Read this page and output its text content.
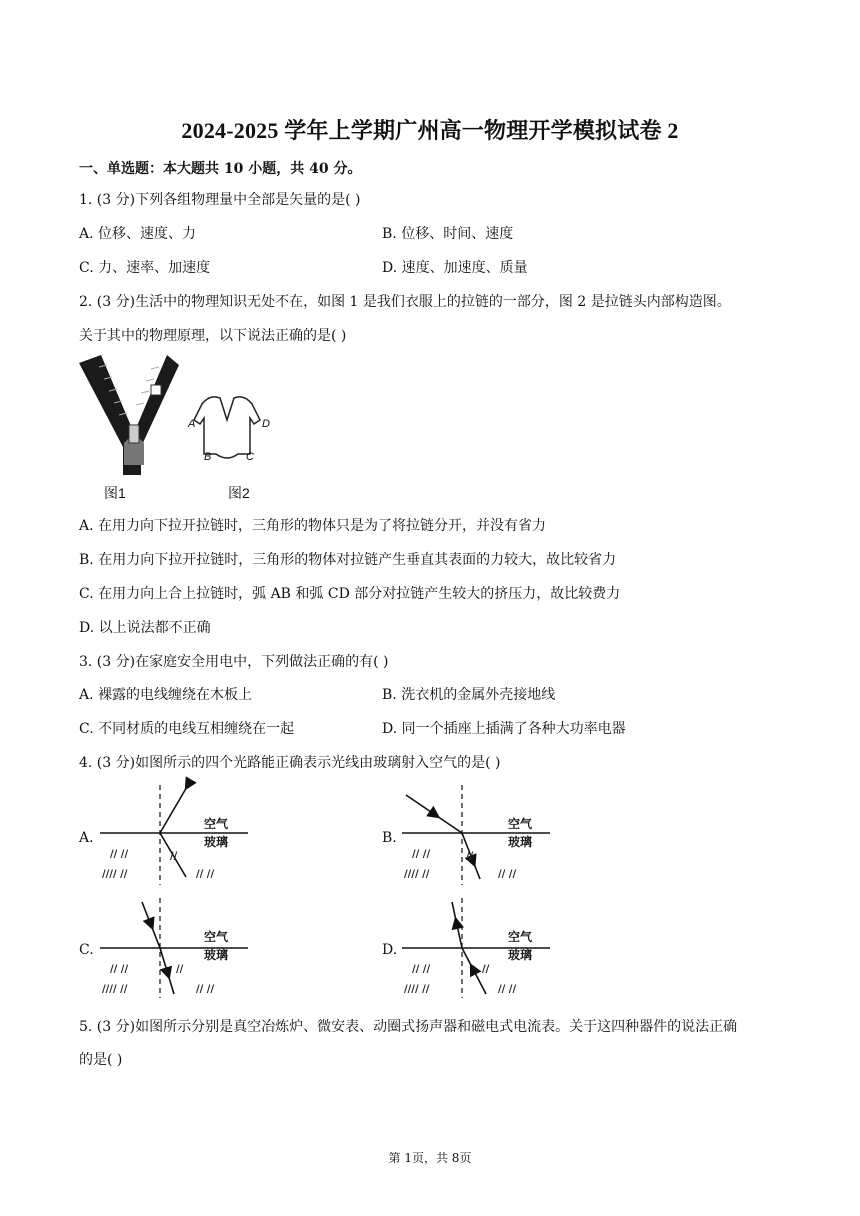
2024-2025 学年上学期广州高一物理开学模拟试卷 2
一、单选题：本大题共 10 小题，共 40 分。
1. (3 分)下列各组物理量中全部是矢量的是( )
A. 位移、速度、力	B. 位移、时间、速度
C. 力、速率、加速度	D. 速度、加速度、质量
2. (3 分)生活中的物理知识无处不在，如图 1 是我们衣服上的拉链的一部分，图 2 是拉链头内部构造图。
关于其中的物理原理，以下说法正确的是( )
图1
A	D
B	C
图2
A. 在用力向下拉开拉链时，三角形的物体只是为了将拉链分开，并没有省力
B. 在用力向下拉开拉链时，三角形的物体对拉链产生垂直其表面的力较大，故比较省力
C. 在用力向上合上拉链时，弧 AB 和弧 CD 部分对拉链产生较大的挤压力，故比较费力
D. 以上说法都不正确
3. (3 分)在家庭安全用电中，下列做法正确的有( )
A. 裸露的电线缠绕在木板上	B. 洗衣机的金属外壳接地线
C. 不同材质的电线互相缠绕在一起	D. 同一个插座上插满了各种大功率电器
4. (3 分)如图所示的四个光路能正确表示光线由玻璃射入空气的是( )
A.	B.
C.	D.
// //	//
//// //	// //
空气
玻璃
// //	//
//// //	// //
空气
玻璃
// //	//
//// //	// //
空气
玻璃
// //	//
//// //	// //
空气
玻璃
5. (3 分)如图所示分别是真空冶炼炉、微安表、动圈式扬声器和磁电式电流表。关于这四种器件的说法正确
的是( )
第 1页，共 8页
